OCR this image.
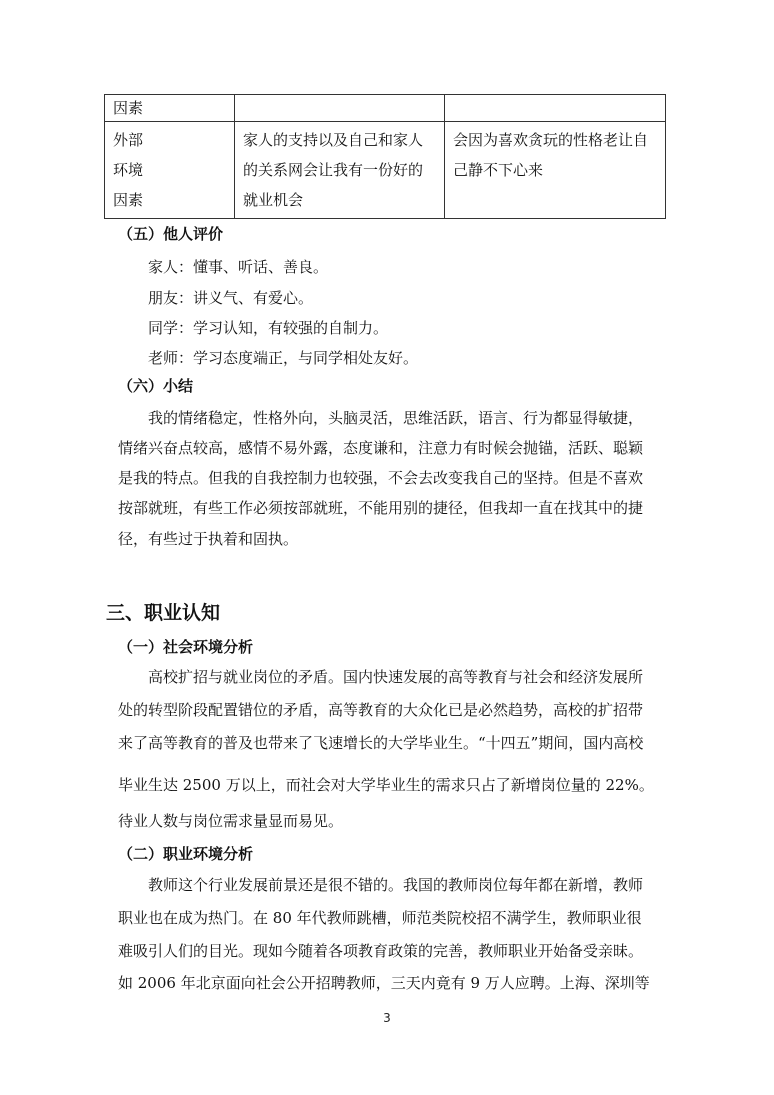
因素		

外部
环境
因素	家人的支持以及自己和家人的关系网会让我有一份好的就业机会	会因为喜欢贪玩的性格老让自己静不下心来
（五）他人评价
家人：懂事、听话、善良。
朋友：讲义气、有爱心。
同学：学习认知，有较强的自制力。
老师：学习态度端正，与同学相处友好。
（六）小结
我的情绪稳定，性格外向，头脑灵活，思维活跃，语言、行为都显得敏捷，
情绪兴奋点较高，感情不易外露，态度谦和，注意力有时候会抛锚，活跃、聪颖
是我的特点。但我的自我控制力也较强，不会去改变我自己的坚持。但是不喜欢
按部就班，有些工作必须按部就班，不能用别的捷径，但我却一直在找其中的捷
径，有些过于执着和固执。
三、职业认知
（一）社会环境分析
高校扩招与就业岗位的矛盾。国内快速发展的高等教育与社会和经济发展所
处的转型阶段配置错位的矛盾，高等教育的大众化已是必然趋势，高校的扩招带
来了高等教育的普及也带来了飞速增长的大学毕业生。“十四五”期间，国内高校
毕业生达 2500 万以上，而社会对大学毕业生的需求只占了新增岗位量的 22%。
待业人数与岗位需求量显而易见。
（二）职业环境分析
教师这个行业发展前景还是很不错的。我国的教师岗位每年都在新增，教师
职业也在成为热门。在 80 年代教师跳槽，师范类院校招不满学生，教师职业很
难吸引人们的目光。现如今随着各项教育政策的完善，教师职业开始备受亲昧。
如 2006 年北京面向社会公开招聘教师，三天内竟有 9 万人应聘。上海、深圳等
3
